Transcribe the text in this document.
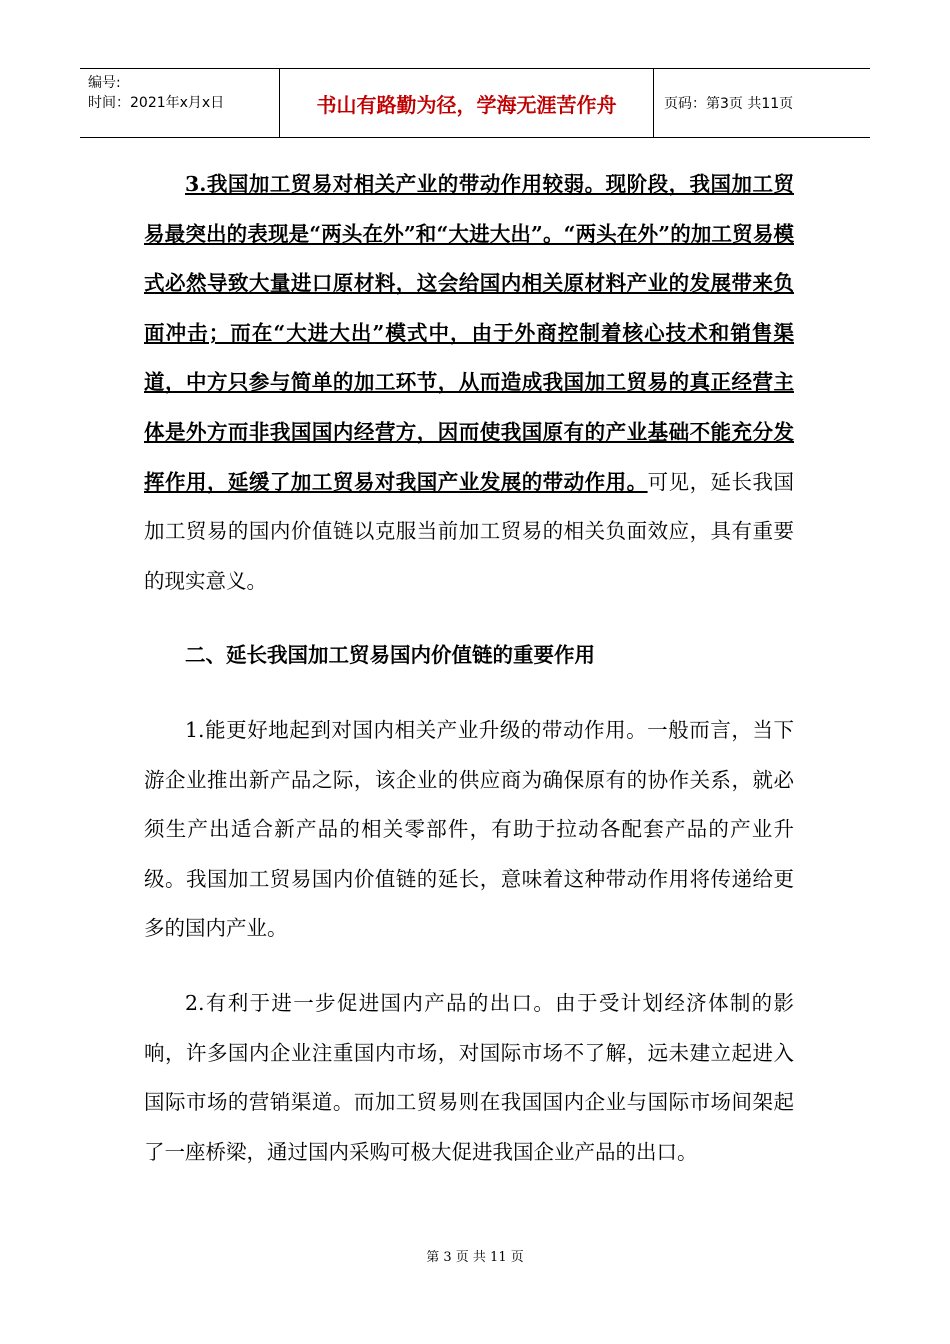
编号:
时间：2021年x月x日	书山有路勤为径，学海无涯苦作舟	页码：第3页 共11页

3.我国加工贸易对相关产业的带动作用较弱。现阶段，我国加工贸易最突出的表现是“两头在外”和“大进大出”。“两头在外”的加工贸易模式必然导致大量进口原材料，这会给国内相关原材料产业的发展带来负面冲击；而在“大进大出”模式中，由于外商控制着核心技术和销售渠道，中方只参与简单的加工环节，从而造成我国加工贸易的真正经营主体是外方而非我国国内经营方，因而使我国原有的产业基础不能充分发挥作用，延缓了加工贸易对我国产业发展的带动作用。可见，延长我国加工贸易的国内价值链以克服当前加工贸易的相关负面效应，具有重要的现实意义。

二、延长我国加工贸易国内价值链的重要作用

1.能更好地起到对国内相关产业升级的带动作用。一般而言，当下游企业推出新产品之际，该企业的供应商为确保原有的协作关系，就必须生产出适合新产品的相关零部件，有助于拉动各配套产品的产业升级。我国加工贸易国内价值链的延长，意味着这种带动作用将传递给更多的国内产业。

2.有利于进一步促进国内产品的出口。由于受计划经济体制的影响，许多国内企业注重国内市场，对国际市场不了解，远未建立起进入国际市场的营销渠道。而加工贸易则在我国国内企业与国际市场间架起了一座桥梁，通过国内采购可极大促进我国企业产品的出口。

第 3 页 共 11 页
